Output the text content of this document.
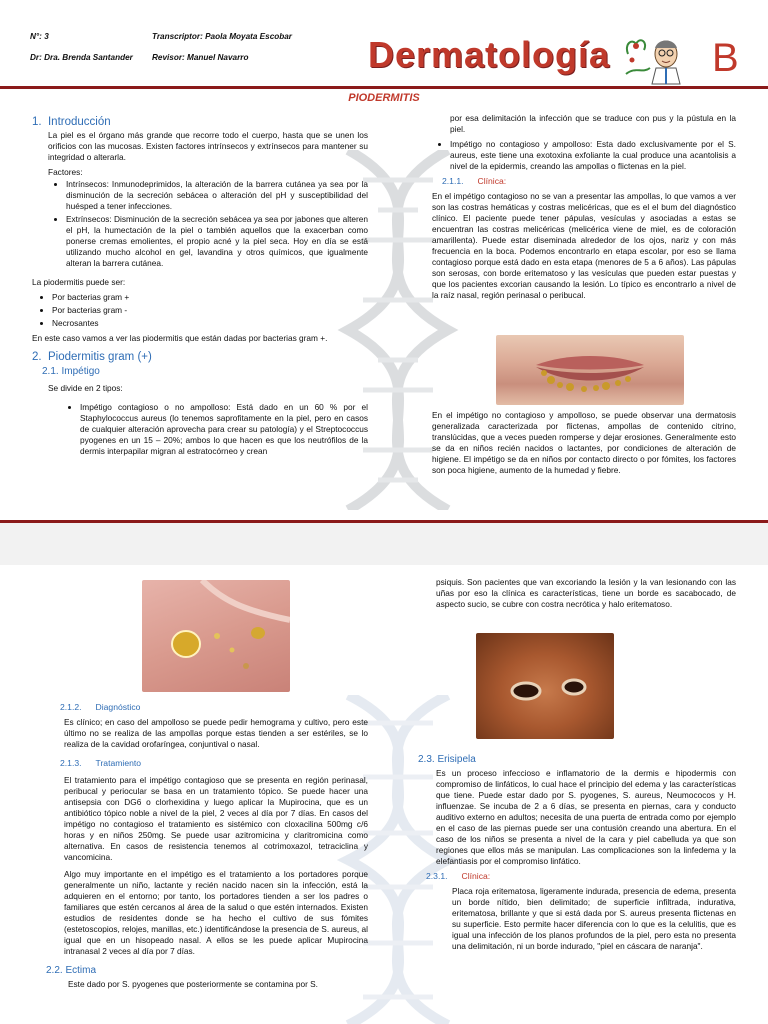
N°: 3	Transcriptor: Paola Moyata Escobar
Dr: Dra. Brenda Santander Revisor: Manuel Navarro	Dermatología	B
PIODERMITIS
1. Introducción

La piel es el órgano más grande que recorre todo el cuerpo, hasta que se unen los orificios con las mucosas. Existen factores intrínsecos y extrínsecos para mantener su integridad o alterarla.

Factores:

• Intrínsecos: Inmunodeprimidos, la alteración de la barrera cutánea ya sea por la disminución de la secreción sebácea o alteración del pH y susceptibilidad del huésped a tener infecciones.
• Extrínsecos: Disminución de la secreción sebácea ya sea por jabones que alteren el pH, la humectación de la piel o también aquellos que la exacerban como ponerse cremas emolientes, el propio acné y la piel seca. Hoy en día se está utilizando mucho alcohol en gel, lavandina y otros químicos, que igualmente alteran la barrera cutánea.

La piodermitis puede ser:

• Por bacterias gram +
• Por bacterias gram -
• Necrosantes

En este caso vamos a ver las piodermitis que están dadas por bacterias gram +.

2. Piodermitis gram (+)
2.1. Impétigo

Se divide en 2 tipos:

• Impétigo contagioso o no ampolloso: Está dado en un 60 % por el Staphylococcus aureus (lo tenemos saprofitamente en la piel, pero en casos de cualquier alteración aprovecha para crear su patología) y el Streptococcus pyogenes en un 15 – 20%; ambos lo que hacen es que los neutrófilos de la dermis interpapilar migran al estratocórneo y crean

por esa delimitación la infección que se traduce con pus y la pústula en la piel.

• Impétigo no contagioso y ampolloso: Esta dado exclusivamente por el S. aureus, este tiene una exotoxina exfoliante la cual produce una acantolisis a nivel de la epidermis, creando las ampollas o flictenas en la piel.
2.1.1. Clínica:

En el impétigo contagioso no se van a presentar las ampollas, lo que vamos a ver son las costras hemáticas y costras melicéricas, que es el el bum del diagnóstico clínico. El paciente puede tener pápulas, vesículas y asociadas a estas se encuentran las costras melicéricas (melicérica viene de miel, es de coloración amarillenta). Puede estar diseminada alrededor de los ojos, nariz y con más frecuencia en la boca. Podemos encontrarlo en etapa escolar, por eso se llama contagioso porque está dado en esta etapa (menores de 5 a 6 años). Las pápulas son serosas, con borde eritematoso y las vesículas que pueden estar puestas y que los pacientes excorian causando la lesión. Lo típico es encontrarlo a nivel de la raíz nasal, región perinasal o peribucal.

En el impétigo no contagioso y ampolloso, se puede observar una dermatosis generalizada caracterizada por flictenas, ampollas de contenido citrino, translúcidas, que a veces pueden romperse y dejar erosiones. Generalmente esto se da en niños recién nacidos o lactantes, por condiciones de alteración de higiene. El impétigo se da en niños por contacto directo o por fómites, los factores son poca higiene, aumento de la humedad y fiebre.

2.1.2. Diagnóstico

Es clínico; en caso del ampolloso se puede pedir hemograma y cultivo, pero este último no se realiza de las ampollas porque estas tienden a ser estériles, se lo realiza de la cavidad orofaríngea, conjuntival o nasal.

2.1.3. Tratamiento

El tratamiento para el impétigo contagioso que se presenta en región perinasal, peribucal y periocular se basa en un tratamiento tópico. Se puede hacer una antisepsia con DG6 o clorhexidina y luego aplicar la Mupirocina, que es un antibiótico tópico noble a nivel de la piel, 2 veces al día por 7 días. En casos del impétigo no contagioso el tratamiento es sistémico con cloxacilina 500mg c/6 horas y en niños 250mg. Se puede usar azitromicina y claritromicina como alternativa. En casos de resistencia tenemos al cotrimoxazol, tetraciclina y vancomicina.

Algo muy importante en el impétigo es el tratamiento a los portadores porque generalmente un niño, lactante y recién nacido nacen sin la infección, está la adquieren en el entorno; por tanto, los portadores tienden a ser los padres o familiares que estén cercanos al área de la salud o que estén internados. Existen estudios de residentes donde se ha hecho el cultivo de sus fómites (estetoscopios, relojes, manillas, etc.) identificándose la presencia de S. aureus, al igual que en un hisopeado nasal. A ellos se les puede aplicar Mupirocina intranasal 2 veces al día por 7 días.

2.2. Ectima

Este dado por S. pyogenes que posteriormente se contamina por S.

psiquis. Son pacientes que van excoriando la lesión y la van lesionando con las uñas por eso la clínica es características, tiene un borde es sacabocado, de aspecto sucio, se cubre con costra necrótica y halo eritematoso.

2.3. Erisipela

Es un proceso infeccioso e inflamatorio de la dermis e hipodermis con compromiso de linfáticos, lo cual hace el principio del edema y las características que tiene. Puede estar dado por S. pyogenes, S. aureus, Neumococos y H. influenzae. Se incuba de 2 a 6 días, se presenta en piernas, cara y conducto auditivo externo en adultos; necesita de una puerta de entrada como por ejemplo en el caso de las piernas puede ser una contusión creando una abertura. En el caso de los niños se presenta a nivel de la cara y piel cabelluda ya que son regiones que ellos más se manipulan. Las complicaciones son la linfedema y la elefantiasis por el compromiso linfático.

2.3.1. Clínica:

Placa roja eritematosa, ligeramente indurada, presencia de edema, presenta un borde nítido, bien delimitado; de superficie infiltrada, indurativa, eritematosa, brillante y que si está dada por S. aureus presenta flictenas en su superficie. Esto permite hacer diferencia con lo que es la celulitis, que es igual una infección de los planos profundos de la piel, pero esta no presenta una delimitación, ni un borde indurado, "piel en cáscara de naranja".
